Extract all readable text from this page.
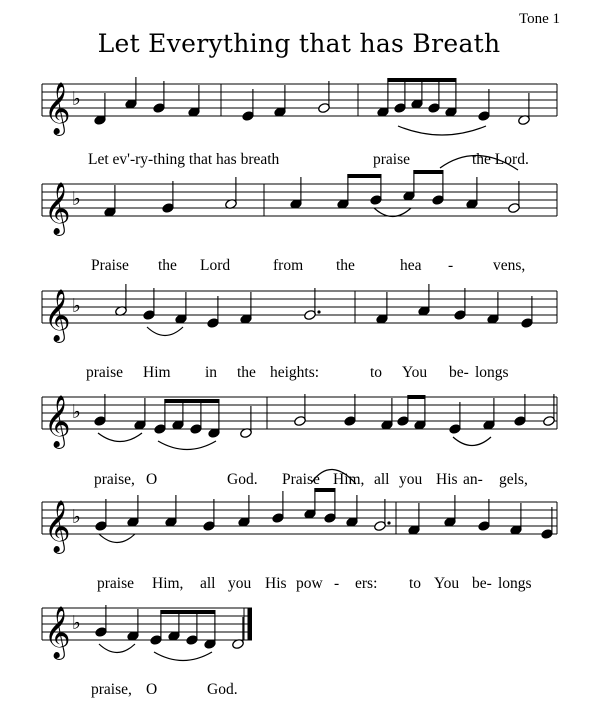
Tone 1
Let Everything that has Breath
𝄞 ♭
Let ev'-ry-thing that has breath	praise	the Lord.
𝄞 ♭
Praise the Lord	from the	hea -	vens,
𝄞 ♭
praise Him in the heights:	to You be- longs
𝄞 ♭
praise, O	God. Praise Him, all you His an- gels,
𝄞 ♭
praise Him, all you His pow - ers: to You be- longs
𝄞 ♭
praise, O	God.
